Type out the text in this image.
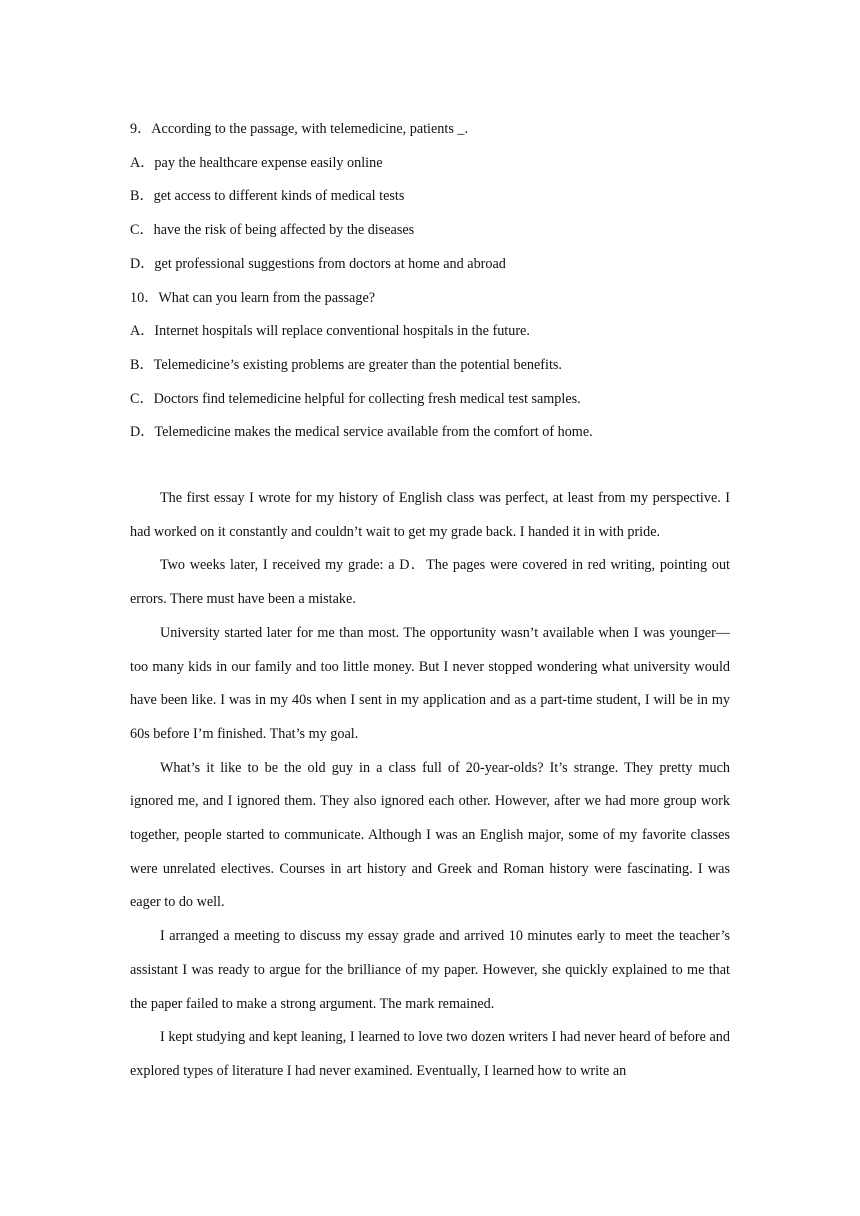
9．According to the passage, with telemedicine, patients _.

A．pay the healthcare expense easily online

B．get access to different kinds of medical tests

C．have the risk of being affected by the diseases

D．get professional suggestions from doctors at home and abroad

10．What can you learn from the passage?

A．Internet hospitals will replace conventional hospitals in the future.

B．Telemedicine’s existing problems are greater than the potential benefits.

C．Doctors find telemedicine helpful for collecting fresh medical test samples.

D．Telemedicine makes the medical service available from the comfort of home.

The first essay I wrote for my history of English class was perfect, at least from my perspective. I had worked on it constantly and couldn’t wait to get my grade back. I handed it in with pride.

Two weeks later, I received my grade: a D．The pages were covered in red writing, pointing out errors. There must have been a mistake.

University started later for me than most. The opportunity wasn’t available when I was younger—too many kids in our family and too little money. But I never stopped wondering what university would have been like. I was in my 40s when I sent in my application and as a part-time student, I will be in my 60s before I’m finished. That’s my goal.

What’s it like to be the old guy in a class full of 20-year-olds? It’s strange. They pretty much ignored me, and I ignored them. They also ignored each other. However, after we had more group work together, people started to communicate. Although I was an English major, some of my favorite classes were unrelated electives. Courses in art history and Greek and Roman history were fascinating. I was eager to do well.

I arranged a meeting to discuss my essay grade and arrived 10 minutes early to meet the teacher’s assistant I was ready to argue for the brilliance of my paper. However, she quickly explained to me that the paper failed to make a strong argument. The mark remained.

I kept studying and kept leaning, I learned to love two dozen writers I had never heard of before and explored types of literature I had never examined. Eventually, I learned how to write an
